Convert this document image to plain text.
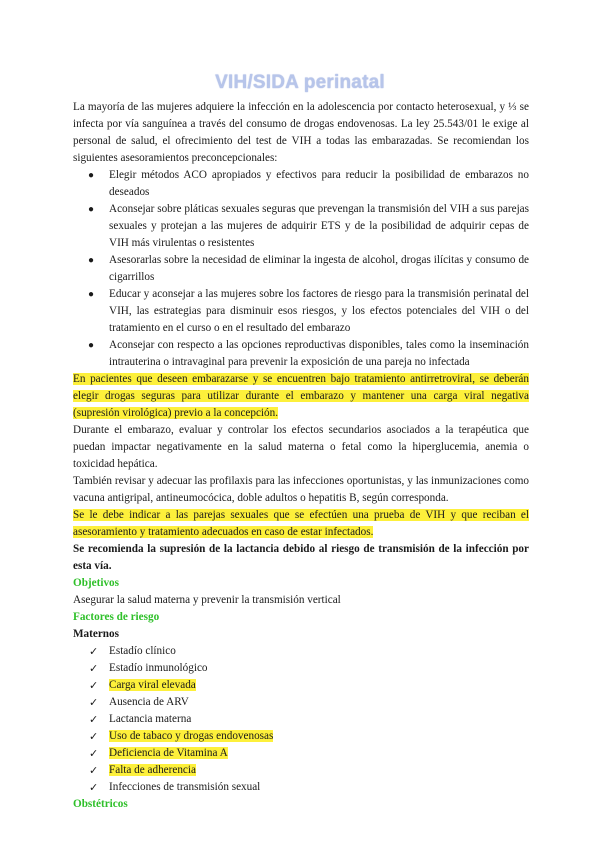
VIH/SIDA perinatal

La mayoría de las mujeres adquiere la infección en la adolescencia por contacto heterosexual, y ⅓ se infecta por vía sanguínea a través del consumo de drogas endovenosas. La ley 25.543/01 le exige al personal de salud, el ofrecimiento del test de VIH a todas las embarazadas. Se recomiendan los siguientes asesoramientos preconcepcionales:

● Elegir métodos ACO apropiados y efectivos para reducir la posibilidad de embarazos no deseados
● Aconsejar sobre pláticas sexuales seguras que prevengan la transmisión del VIH a sus parejas sexuales y protejan a las mujeres de adquirir ETS y de la posibilidad de adquirir cepas de VIH más virulentas o resistentes
● Asesorarlas sobre la necesidad de eliminar la ingesta de alcohol, drogas ilícitas y consumo de cigarrillos
● Educar y aconsejar a las mujeres sobre los factores de riesgo para la transmisión perinatal del VIH, las estrategias para disminuir esos riesgos, y los efectos potenciales del VIH o del tratamiento en el curso o en el resultado del embarazo
● Aconsejar con respecto a las opciones reproductivas disponibles, tales como la inseminación intrauterina o intravaginal para prevenir la exposición de una pareja no infectada

En pacientes que deseen embarazarse y se encuentren bajo tratamiento antirretroviral, se deberán elegir drogas seguras para utilizar durante el embarazo y mantener una carga viral negativa (supresión virológica) previo a la concepción.

Durante el embarazo, evaluar y controlar los efectos secundarios asociados a la terapéutica que puedan impactar negativamente en la salud materna o fetal como la hiperglucemia, anemia o toxicidad hepática.

También revisar y adecuar las profilaxis para las infecciones oportunistas, y las inmunizaciones como vacuna antigripal, antineumocócica, doble adultos o hepatitis B, según corresponda.

Se le debe indicar a las parejas sexuales que se efectúen una prueba de VIH y que reciban el asesoramiento y tratamiento adecuados en caso de estar infectados.

Se recomienda la supresión de la lactancia debido al riesgo de transmisión de la infección por esta vía.

Objetivos
Asegurar la salud materna y prevenir la transmisión vertical
Factores de riesgo
Maternos
✓ Estadío clínico
✓ Estadío inmunológico
✓ Carga viral elevada
✓ Ausencia de ARV
✓ Lactancia materna
✓ Uso de tabaco y drogas endovenosas
✓ Deficiencia de Vitamina A
✓ Falta de adherencia
✓ Infecciones de transmisión sexual
Obstétricos
